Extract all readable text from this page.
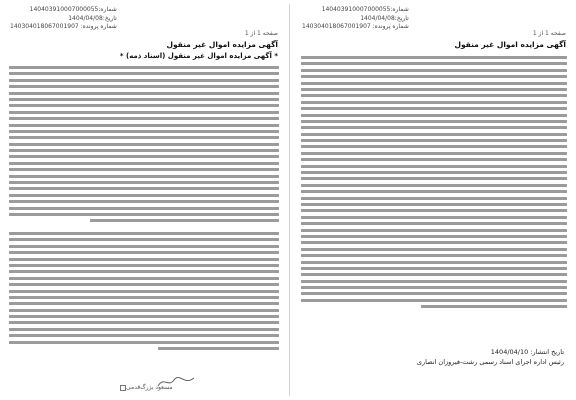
شماره:140403910007000055
تاریخ:1404/04/08
شماره پرونده: 140304018067001907
صفحه 1 از 1
آگهی مزایده اموال غیر منقول
تاریخ انتشار: 1404/04/10
رئیس اداره اجرای اسناد رسمی رشت-فیروزان انصاری
شماره:140403910007000055
تاریخ:1404/04/08
شماره پرونده: 140304018067001907
صفحه 1 از 1
آگهی مزایده اموال غیر منقول
* آگهی مزایده اموال غیر منقول (اسناد ذمه) *
مسعود بزرگ‌قدمی
